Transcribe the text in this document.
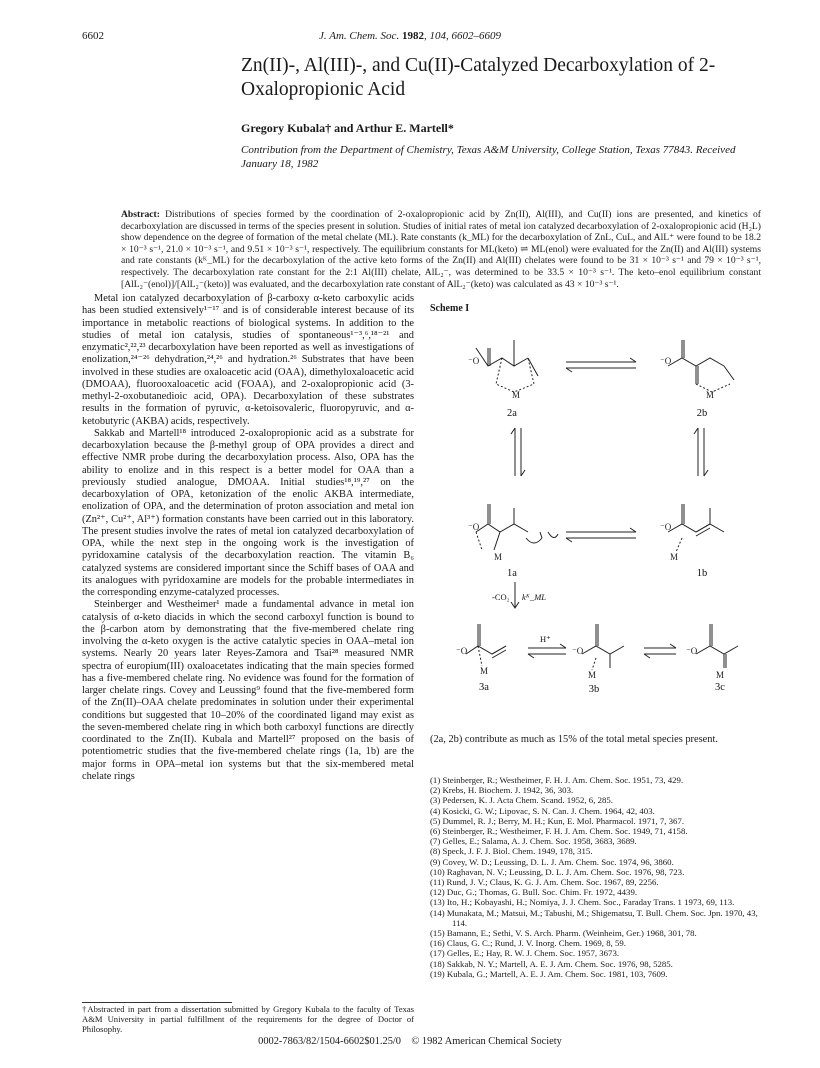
6602	J. Am. Chem. Soc. 1982, 104, 6602–6609
Zn(II)-, Al(III)-, and Cu(II)-Catalyzed Decarboxylation of 2-Oxalopropionic Acid
Gregory Kubala† and Arthur E. Martell*
Contribution from the Department of Chemistry, Texas A&M University, College Station, Texas 77843. Received January 18, 1982
Abstract: Distributions of species formed by the coordination of 2-oxalopropionic acid by Zn(II), Al(III), and Cu(II) ions are presented, and kinetics of decarboxylation are discussed in terms of the species present in solution. Studies of initial rates of metal ion catalyzed decarboxylation of 2-oxalopropionic acid (H₂L) show dependence on the degree of formation of the metal chelate (ML). Rate constants (k_ML) for the decarboxylation of ZnL, CuL, and AlL⁺ were found to be 18.2 × 10⁻³ s⁻¹, 21.0 × 10⁻³ s⁻¹, and 9.51 × 10⁻³ s⁻¹, respectively. The equilibrium constants for ML(keto) ⇌ ML(enol) were evaluated for the Zn(II) and Al(III) systems and rate constants (kᴷ_ML) for the decarboxylation of the active keto forms of the Zn(II) and Al(III) chelates were found to be 31 × 10⁻³ s⁻¹ and 79 × 10⁻³ s⁻¹, respectively. The decarboxylation rate constant for the 2:1 Al(III) chelate, AlL₂⁻, was determined to be 33.5 × 10⁻³ s⁻¹. The keto–enol equilibrium constant [AlL₂⁻(enol)]/[AlL₂⁻(keto)] was evaluated, and the decarboxylation rate constant of AlL₂⁻(keto) was calculated as 43 × 10⁻³ s⁻¹.

Metal ion catalyzed decarboxylation of β-carboxy α-keto carboxylic acids has been studied extensively¹⁻¹⁷ and is of considerable interest because of its importance in metabolic reactions of biological systems. In addition to the studies of metal ion catalysis, studies of spontaneous¹⁻³,⁶,¹⁸⁻²¹ and enzymatic²,²²,²³ decarboxylation have been reported as well as investigations of enolization,²⁴⁻²⁶ dehydration,²⁴,²⁶ and hydration.²⁶ Substrates that have been involved in these studies are oxaloacetic acid (OAA), dimethyloxaloacetic acid (DMOAA), fluorooxaloacetic acid (FOAA), and 2-oxalopropionic acid (3-methyl-2-oxobutanedioic acid, OPA). Decarboxylation of these substrates results in the formation of pyruvic, α-ketoisovaleric, fluoropyruvic, and α-ketobutyric (AKBA) acids, respectively.

Sakkab and Martell¹⁸ introduced 2-oxalopropionic acid as a substrate for decarboxylation because the β-methyl group of OPA provides a direct and effective NMR probe during the decarboxylation process. Also, OPA has the ability to enolize and in this respect is a better model for OAA than a previously studied analogue, DMOAA. Initial studies¹⁸,¹⁹,²⁷ on the decarboxylation of OPA, ketonization of the enolic AKBA intermediate, enolization of OPA, and the determination of proton association and metal ion (Zn²⁺, Cu²⁺, Al³⁺) formation constants have been carried out in this laboratory. The present studies involve the rates of metal ion catalyzed decarboxylation of OPA, while the next step in the ongoing work is the investigation of pyridoxamine catalysis of the decarboxylation reaction. The vitamin B₆ catalyzed systems are considered important since the Schiff bases of OAA and its analogues with pyridoxamine are models for the probable intermediates in the corresponding enzyme-catalyzed processes.

Steinberger and Westheimer¹ made a fundamental advance in metal ion catalysis of α-keto diacids in which the second carboxyl function is bound to the β-carbon atom by demonstrating that the five-membered chelate ring involving the α-keto oxygen is the active catalytic species in OAA–metal ion systems. Nearly 20 years later Reyes-Zamora and Tsai²⁸ measured NMR spectra of europium(III) oxaloacetates indicating that the main species formed has a five-membered chelate ring. No evidence was found for the formation of larger chelate rings. Covey and Leussing⁹ found that the five-membered form of the Zn(II)–OAA chelate predominates in solution under their experimental conditions but suggested that 10–20% of the coordinated ligand may exist as the seven-membered chelate ring in which both carboxyl functions are directly coordinated to the Zn(II). Kubala and Martell²⁷ proposed on the basis of potentiometric studies that the five-membered chelate rings (1a, 1b) are the major forms in OPA–metal ion systems but that the six-membered metal chelate rings

†Abstracted in part from a dissertation submitted by Gregory Kubala to the faculty of Texas A&M University in partial fulfillment of the requirements for the degree of Doctor of Philosophy.
Scheme I
⁻O	⁻O
⁻O	⁻O
⁻O	⁻O	⁻O
M	M
M	M
M	M	M
2a	2b
1a	1b
3a	3b	3c
-CO₂ kᴷ_ML
H⁺
(2a, 2b) contribute as much as 15% of the total metal species present.
(1) Steinberger, R.; Westheimer, F. H. J. Am. Chem. Soc. 1951, 73, 429.
(2) Krebs, H. Biochem. J. 1942, 36, 303.
(3) Pedersen, K. J. Acta Chem. Scand. 1952, 6, 285.
(4) Kosicki, G. W.; Lipovac, S. N. Can. J. Chem. 1964, 42, 403.
(5) Dummel, R. J.; Berry, M. H.; Kun, E. Mol. Pharmacol. 1971, 7, 367.
(6) Steinberger, R.; Westheimer, F. H. J. Am. Chem. Soc. 1949, 71, 4158.
(7) Gelles, E.; Salama, A. J. Chem. Soc. 1958, 3683, 3689.
(8) Speck, J. F. J. Biol. Chem. 1949, 178, 315.
(9) Covey, W. D.; Leussing, D. L. J. Am. Chem. Soc. 1974, 96, 3860.
(10) Raghavan, N. V.; Leussing, D. L. J. Am. Chem. Soc. 1976, 98, 723.
(11) Rund, J. V.; Claus, K. G. J. Am. Chem. Soc. 1967, 89, 2256.
(12) Duc, G.; Thomas, G. Bull. Soc. Chim. Fr. 1972, 4439.
(13) Ito, H.; Kobayashi, H.; Nomiya, J. J. Chem. Soc., Faraday Trans. 1 1973, 69, 113.
(14) Munakata, M.; Matsui, M.; Tabushi, M.; Shigematsu, T. Bull. Chem. Soc. Jpn. 1970, 43, 114.
(15) Bamann, E.; Sethi, V. S. Arch. Pharm. (Weinheim, Ger.) 1968, 301, 78.
(16) Claus, G. C.; Rund, J. V. Inorg. Chem. 1969, 8, 59.
(17) Gelles, E.; Hay, R. W. J. Chem. Soc. 1957, 3673.
(18) Sakkab, N. Y.; Martell, A. E. J. Am. Chem. Soc. 1976, 98, 5285.
(19) Kubala, G.; Martell, A. E. J. Am. Chem. Soc. 1981, 103, 7609.
0002-7863/82/1504-6602$01.25/0 © 1982 American Chemical Society
